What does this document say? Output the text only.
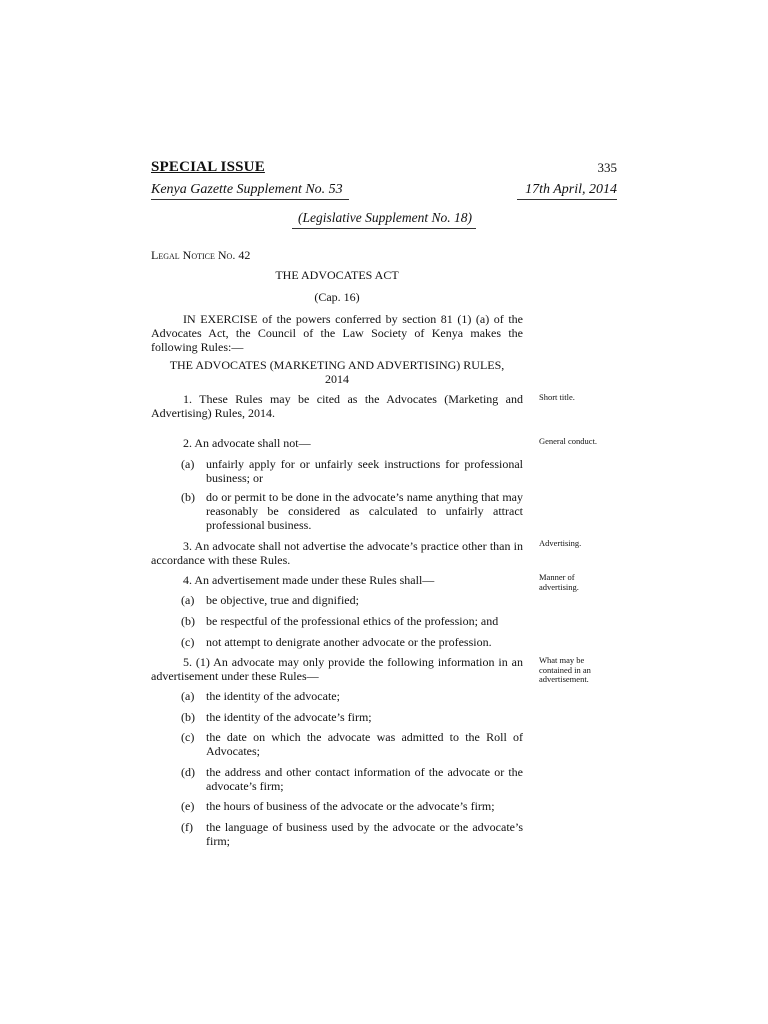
SPECIAL ISSUE	335
Kenya Gazette Supplement No. 53	17th April, 2014
(Legislative Supplement No. 18)
Legal Notice No. 42
THE ADVOCATES ACT
(Cap. 16)
IN EXERCISE of the powers conferred by section 81 (1) (a) of the Advocates Act, the Council of the Law Society of Kenya makes the following Rules:—
THE ADVOCATES (MARKETING AND ADVERTISING) RULES,
2014
1. These Rules may be cited as the Advocates (Marketing and Advertising) Rules, 2014.
Short title.
2. An advocate shall not—	General conduct.
(a) unfairly apply for or unfairly seek instructions for professional business; or
(b) do or permit to be done in the advocate’s name anything that may reasonably be considered as calculated to unfairly attract professional business.
3. An advocate shall not advertise the advocate’s practice other than in accordance with these Rules.
Advertising.
4. An advertisement made under these Rules shall—	Manner of advertising.
(a) be objective, true and dignified;
(b) be respectful of the professional ethics of the profession; and
(c) not attempt to denigrate another advocate or the profession.
5. (1) An advocate may only provide the following information in an advertisement under these Rules—
What may be contained in an advertisement.
(a) the identity of the advocate;
(b) the identity of the advocate’s firm;
(c) the date on which the advocate was admitted to the Roll of Advocates;
(d) the address and other contact information of the advocate or the advocate’s firm;
(e) the hours of business of the advocate or the advocate’s firm;
(f)	the language of business used by the advocate or the advocate’s firm;
